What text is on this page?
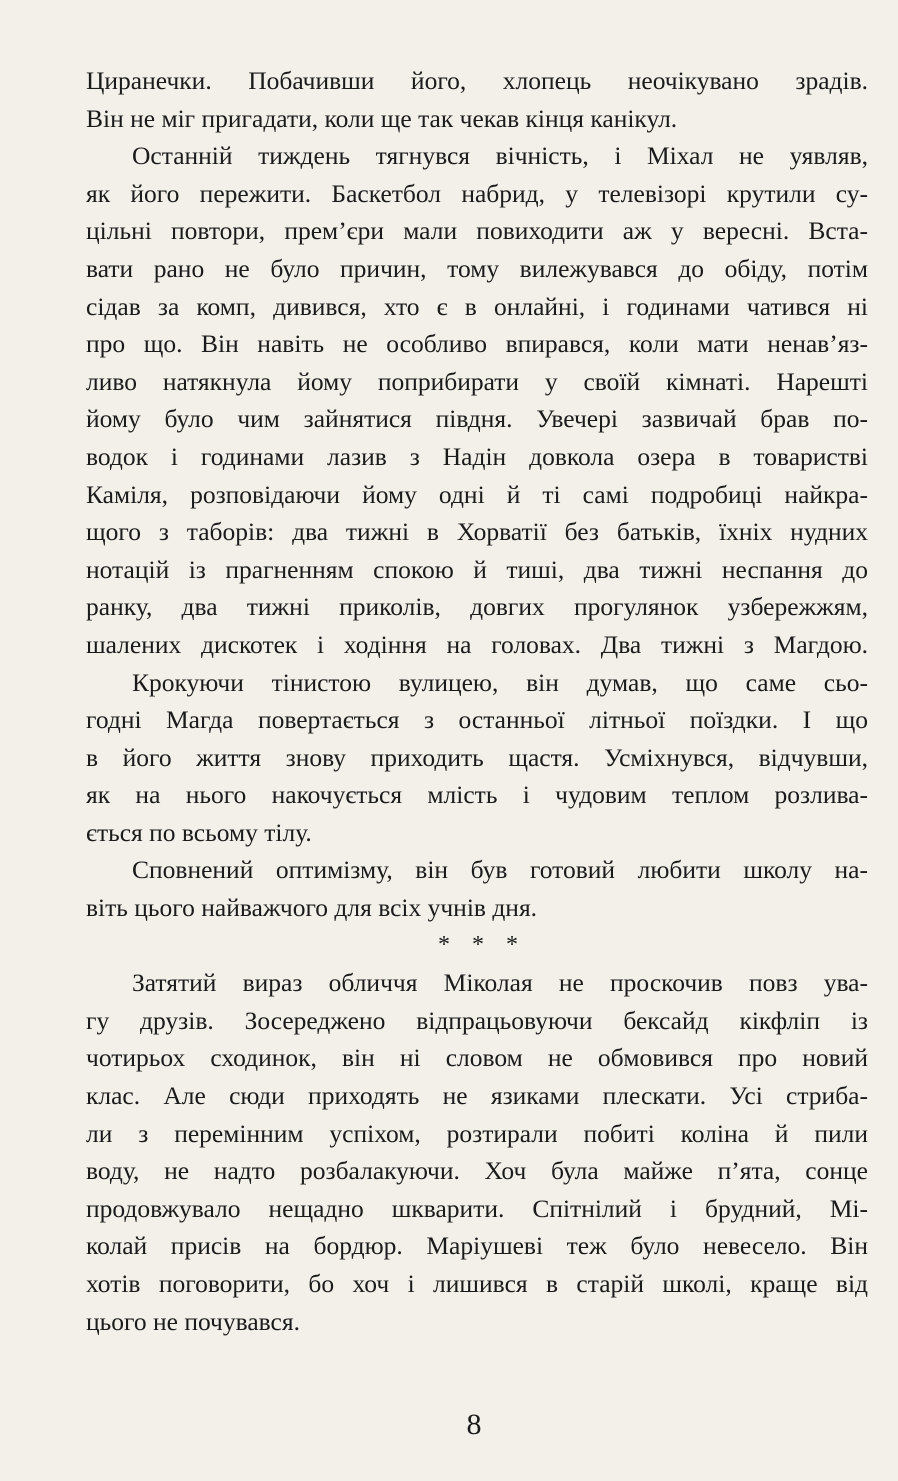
Циранечки. Побачивши його, хлопець неочікувано зрадів.
Він не міг пригадати, коли ще так чекав кінця канікул.
Останній тиждень тягнувся вічність, і Міхал не уявляв,
як його пережити. Баскетбол набрид, у телевізорі крутили су-
цільні повтори, прем’єри мали повиходити аж у вересні. Вста-
вати рано не було причин, тому вилежувався до обіду, потім
сідав за комп, дивився, хто є в онлайні, і годинами чатився ні
про що. Він навіть не особливо впирався, коли мати ненав’яз-
ливо натякнула йому поприбирати у своїй кімнаті. Нарешті
йому було чим зайнятися півдня. Увечері зазвичай брав по-
водок і годинами лазив з Надін довкола озера в товаристві
Каміля, розповідаючи йому одні й ті самі подробиці найкра-
щого з таборів: два тижні в Хорватії без батьків, їхніх нудних
нотацій із прагненням спокою й тиші, два тижні неспання до
ранку, два тижні приколів, довгих прогулянок узбережжям,
шалених дискотек і ходіння на головах. Два тижні з Магдою.
Крокуючи тінистою вулицею, він думав, що саме сьо-
годні Магда повертається з останньої літньої поїздки. І що
в його життя знову приходить щастя. Усміхнувся, відчувши,
як на нього накочується млість і чудовим теплом розлива-
ється по всьому тілу.
Сповнений оптимізму, він був готовий любити школу на-
віть цього найважчого для всіх учнів дня.
* * *
Затятий вираз обличчя Міколая не проскочив повз ува-
гу друзів. Зосереджено відпрацьовуючи бексайд кікфліп із
чотирьох сходинок, він ні словом не обмовився про новий
клас. Але сюди приходять не язиками плескати. Усі стриба-
ли з перемінним успіхом, розтирали побиті коліна й пили
воду, не надто розбалакуючи. Хоч була майже п’ята, сонце
продовжувало нещадно шкварити. Спітнілий і брудний, Мі-
колай присів на бордюр. Маріушеві теж було невесело. Він
хотів поговорити, бо хоч і лишився в старій школі, краще від
цього не почувався.
8
